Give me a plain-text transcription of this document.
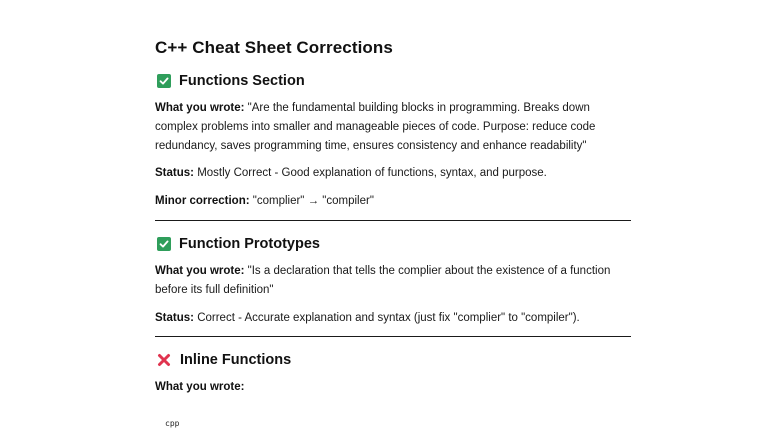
C++ Cheat Sheet Corrections
Functions Section
What you wrote: "Are the fundamental building blocks in programming. Breaks down complex problems into smaller and manageable pieces of code. Purpose: reduce code redundancy, saves programming time, ensures consistency and enhance readability"
Status: Mostly Correct - Good explanation of functions, syntax, and purpose.
Minor correction: "complier" → "compiler"
Function Prototypes
What you wrote: "Is a declaration that tells the complier about the existence of a function before its full definition"
Status: Correct - Accurate explanation and syntax (just fix "complier" to "compiler").
Inline Functions
What you wrote:
cpp
